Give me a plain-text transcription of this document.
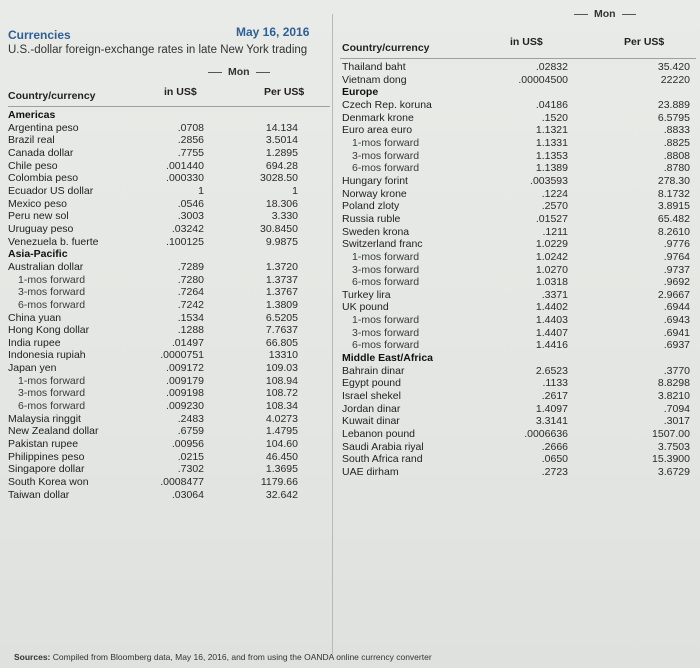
Currencies	May 16, 2016
U.S.-dollar foreign-exchange rates in late New York trading
Mon
Country/currency	in US$	Per US$
Americas		
Argentina peso	.0708	14.134
Brazil real	.2856	3.5014
Canada dollar	.7755	1.2895
Chile peso	.001440	694.28
Colombia peso	.000330	3028.50
Ecuador US dollar	1	1
Mexico peso	.0546	18.306
Peru new sol	.3003	3.330
Uruguay peso	.03242	30.8450
Venezuela b. fuerte	.100125	9.9875
Asia-Pacific		
Australian dollar	.7289	1.3720
1-mos forward	.7280	1.3737
3-mos forward	.7264	1.3767
6-mos forward	.7242	1.3809
China yuan	.1534	6.5205
Hong Kong dollar	.1288	7.7637
India rupee	.01497	66.805
Indonesia rupiah	.0000751	13310
Japan yen	.009172	109.03
1-mos forward	.009179	108.94
3-mos forward	.009198	108.72
6-mos forward	.009230	108.34
Malaysia ringgit	.2483	4.0273
New Zealand dollar	.6759	1.4795
Pakistan rupee	.00956	104.60
Philippines peso	.0215	46.450
Singapore dollar	.7302	1.3695
South Korea won	.0008477	1179.66
Taiwan dollar	.03064	32.642
Mon
Country/currency	in US$	Per US$
Thailand baht	.02832	35.420
Vietnam dong	.00004500	22220
Europe		
Czech Rep. koruna	.04186	23.889
Denmark krone	.1520	6.5795
Euro area euro	1.1321	.8833
1-mos forward	1.1331	.8825
3-mos forward	1.1353	.8808
6-mos forward	1.1389	.8780
Hungary forint	.003593	278.30
Norway krone	.1224	8.1732
Poland zloty	.2570	3.8915
Russia ruble	.01527	65.482
Sweden krona	.1211	8.2610
Switzerland franc	1.0229	.9776
1-mos forward	1.0242	.9764
3-mos forward	1.0270	.9737
6-mos forward	1.0318	.9692
Turkey lira	.3371	2.9667
UK pound	1.4402	.6944
1-mos forward	1.4403	.6943
3-mos forward	1.4407	.6941
6-mos forward	1.4416	.6937
Middle East/Africa		
Bahrain dinar	2.6523	.3770
Egypt pound	.1133	8.8298
Israel shekel	.2617	3.8210
Jordan dinar	1.4097	.7094
Kuwait dinar	3.3141	.3017
Lebanon pound	.0006636	1507.00
Saudi Arabia riyal	.2666	3.7503
South Africa rand	.0650	15.3900
UAE dirham	.2723	3.6729
Sources: Compiled from Bloomberg data, May 16, 2016, and from using the OANDA online currency converter
